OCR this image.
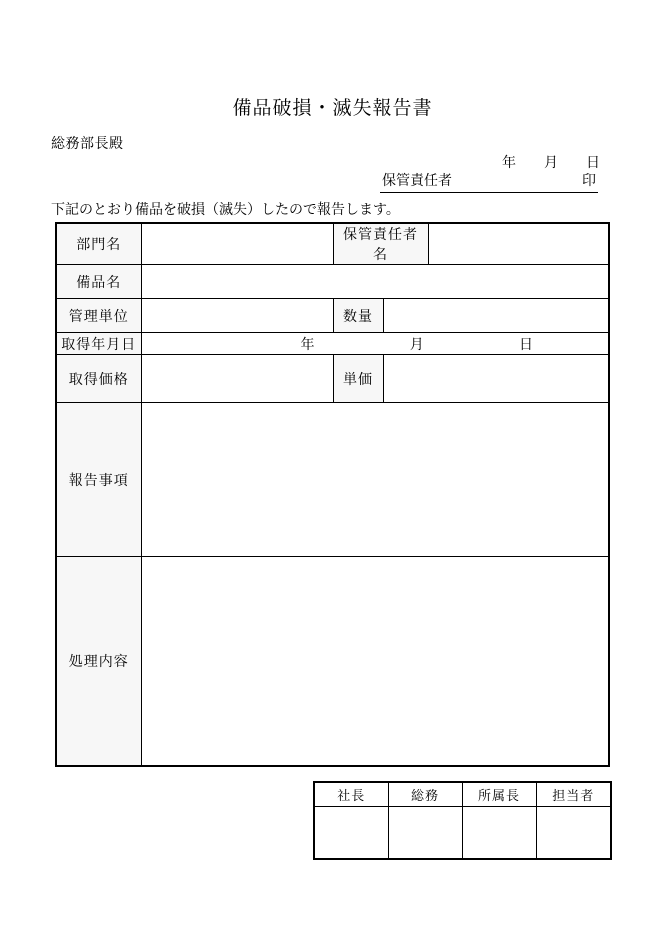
備品破損・滅失報告書
総務部長殿
年 月 日
保管責任者	印
下記のとおり備品を破損（滅失）したので報告します。
部門名		保管責任者名		
備品名				
管理単位		数量		
取得年月日	年 月 日			

取得価格		単価		
報告事項				
処理内容				
社長	総務	所属長	担当者
